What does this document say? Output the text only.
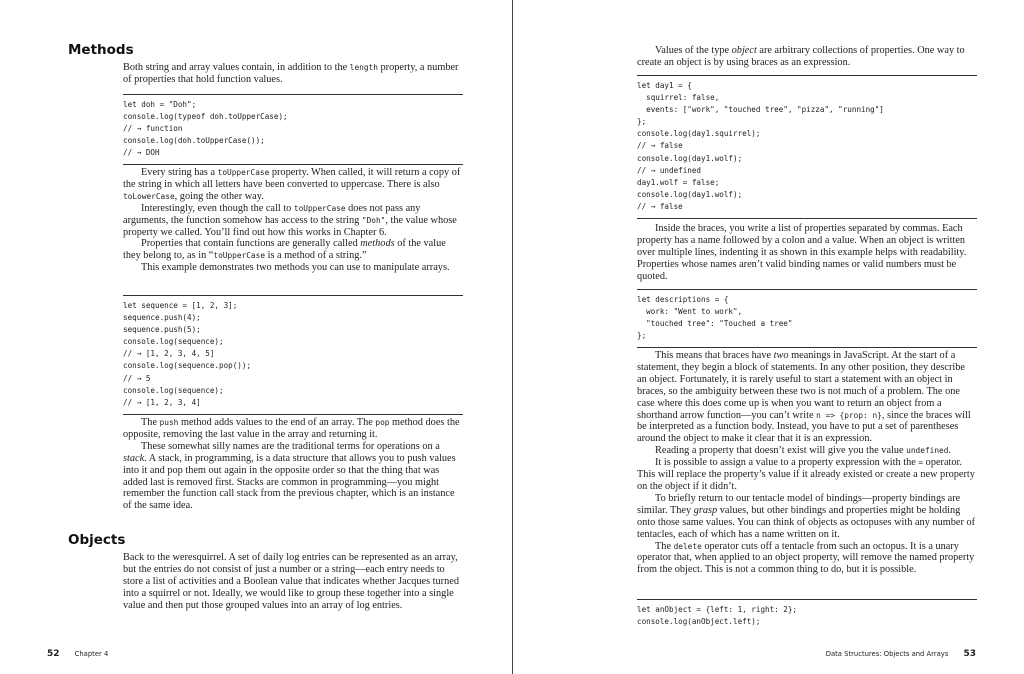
Methods

Both string and array values contain, in addition to the length property, a number of properties that hold function values.

let doh = "Doh";
console.log(typeof doh.toUpperCase);
// → function
console.log(doh.toUpperCase());
// → DOH

Every string has a toUpperCase property. When called, it will return a copy of the string in which all letters have been converted to uppercase. There is also toLowerCase, going the other way.

Interestingly, even though the call to toUpperCase does not pass any arguments, the function somehow has access to the string "Doh", the value whose property we called. You’ll find out how this works in Chapter 6.

Properties that contain functions are generally called methods of the value they belong to, as in “toUpperCase is a method of a string.”

This example demonstrates two methods you can use to manipulate arrays.

let sequence = [1, 2, 3];
sequence.push(4);
sequence.push(5);
console.log(sequence);
// → [1, 2, 3, 4, 5]
console.log(sequence.pop());
// → 5
console.log(sequence);
// → [1, 2, 3, 4]

The push method adds values to the end of an array. The pop method does the opposite, removing the last value in the array and returning it.

These somewhat silly names are the traditional terms for operations on a stack. A stack, in programming, is a data structure that allows you to push values into it and pop them out again in the opposite order so that the thing that was added last is removed first. Stacks are common in programming—you might remember the function call stack from the previous chapter, which is an instance of the same idea.

Objects

Back to the weresquirrel. A set of daily log entries can be represented as an array, but the entries do not consist of just a number or a string—each entry needs to store a list of activities and a Boolean value that indicates whether Jacques turned into a squirrel or not. Ideally, we would like to group these together into a single value and then put those grouped values into an array of log entries.

52 Chapter 4

Values of the type object are arbitrary collections of properties. One way to create an object is by using braces as an expression.

let day1 = {
squirrel: false,
events: ["work", "touched tree", "pizza", "running"]
};
console.log(day1.squirrel);
// → false
console.log(day1.wolf);
// → undefined
day1.wolf = false;
console.log(day1.wolf);
// → false

Inside the braces, you write a list of properties separated by commas. Each property has a name followed by a colon and a value. When an object is written over multiple lines, indenting it as shown in this example helps with readability. Properties whose names aren’t valid binding names or valid numbers must be quoted.

let descriptions = {
work: "Went to work",
"touched tree": "Touched a tree"
};

This means that braces have two meanings in JavaScript. At the start of a statement, they begin a block of statements. In any other position, they describe an object. Fortunately, it is rarely useful to start a statement with an object in braces, so the ambiguity between these two is not much of a problem. The one case where this does come up is when you want to return an object from a shorthand arrow function—you can’t write n => {prop: n}, since the braces will be interpreted as a function body. Instead, you have to put a set of parentheses around the object to make it clear that it is an expression.

Reading a property that doesn’t exist will give you the value undefined.

It is possible to assign a value to a property expression with the = operator. This will replace the property’s value if it already existed or create a new property on the object if it didn’t.

To briefly return to our tentacle model of bindings—property bindings are similar. They grasp values, but other bindings and properties might be holding onto those same values. You can think of objects as octopuses with any number of tentacles, each of which has a name written on it.

The delete operator cuts off a tentacle from such an octopus. It is a unary operator that, when applied to an object property, will remove the named property from the object. This is not a common thing to do, but it is possible.

let anObject = {left: 1, right: 2};
console.log(anObject.left);
Data Structures: Objects and Arrays 53
